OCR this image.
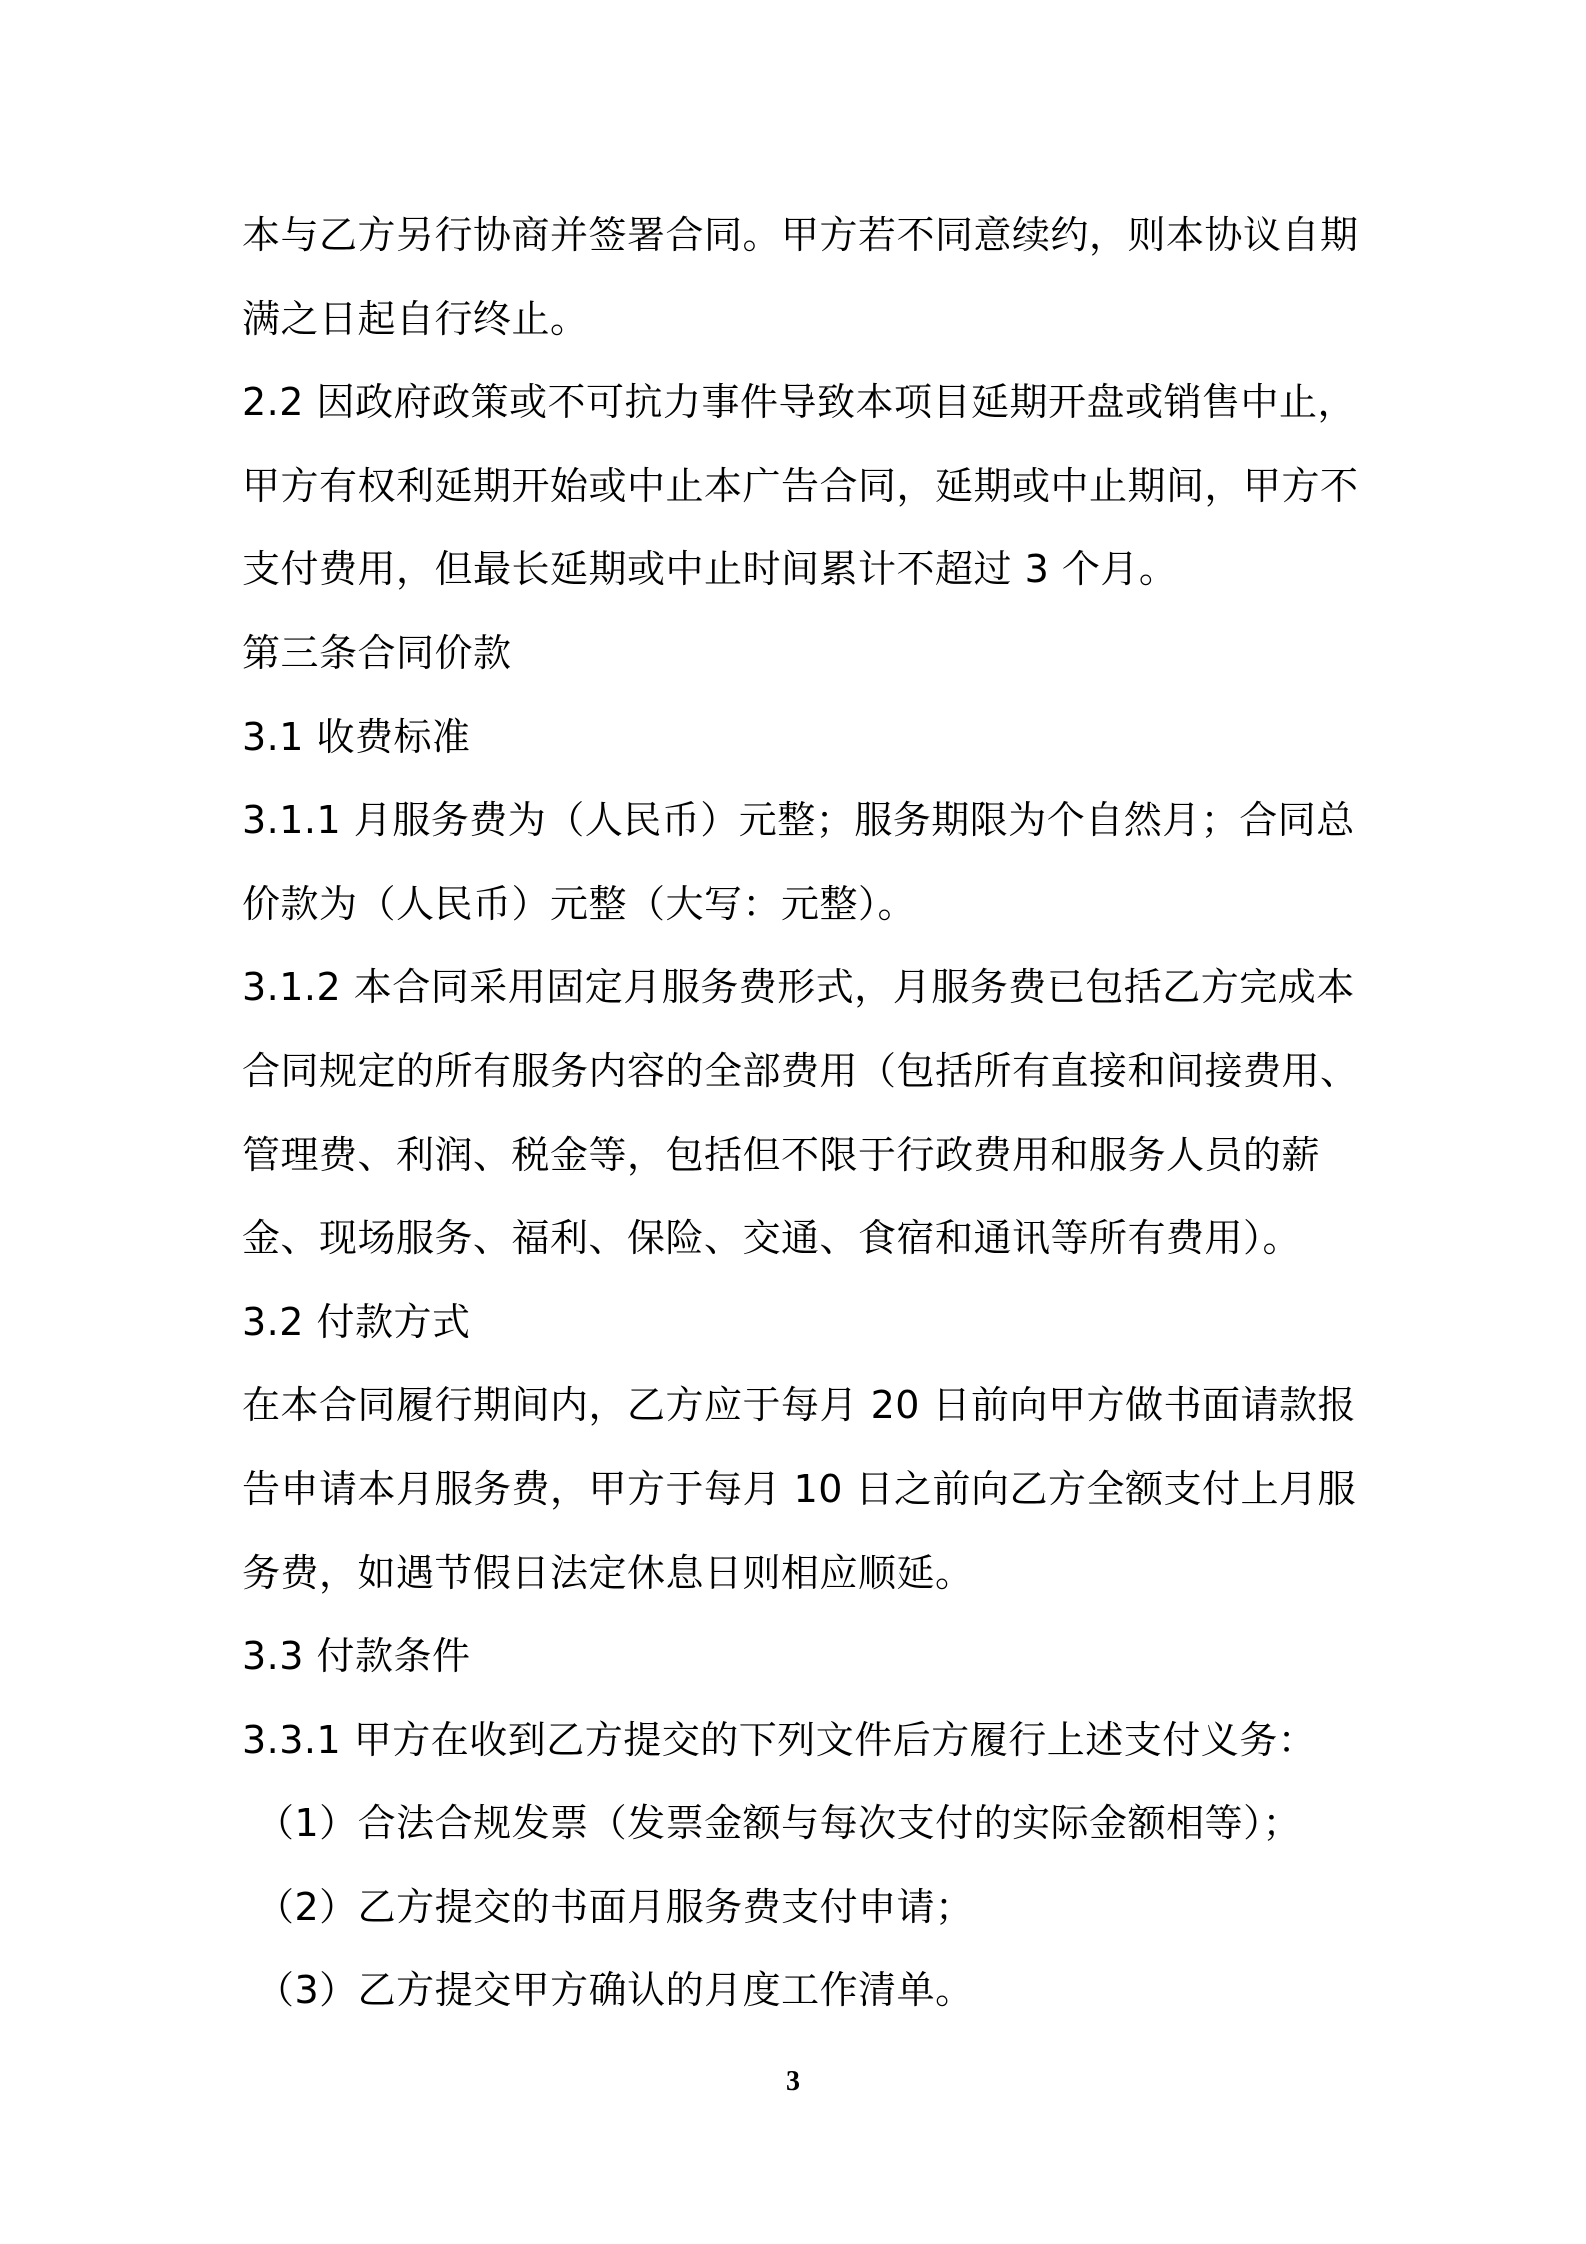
本与乙方另行协商并签署合同。甲方若不同意续约，则本协议自期满之日起自行终止。

2.2 因政府政策或不可抗力事件导致本项目延期开盘或销售中止，甲方有权利延期开始或中止本广告合同，延期或中止期间，甲方不支付费用，但最长延期或中止时间累计不超过 3 个月。

第三条合同价款

3.1 收费标准

3.1.1 月服务费为（人民币）元整；服务期限为个自然月；合同总价款为（人民币）元整（大写：元整）。

3.1.2 本合同采用固定月服务费形式，月服务费已包括乙方完成本合同规定的所有服务内容的全部费用（包括所有直接和间接费用、管理费、利润、税金等，包括但不限于行政费用和服务人员的薪金、现场服务、福利、保险、交通、食宿和通讯等所有费用）。

3.2 付款方式

在本合同履行期间内，乙方应于每月 20 日前向甲方做书面请款报告申请本月服务费，甲方于每月 10 日之前向乙方全额支付上月服务费，如遇节假日法定休息日则相应顺延。

3.3 付款条件

3.3.1 甲方在收到乙方提交的下列文件后方履行上述支付义务：

（1）合法合规发票（发票金额与每次支付的实际金额相等）；

（2）乙方提交的书面月服务费支付申请；

（3）乙方提交甲方确认的月度工作清单。

3
